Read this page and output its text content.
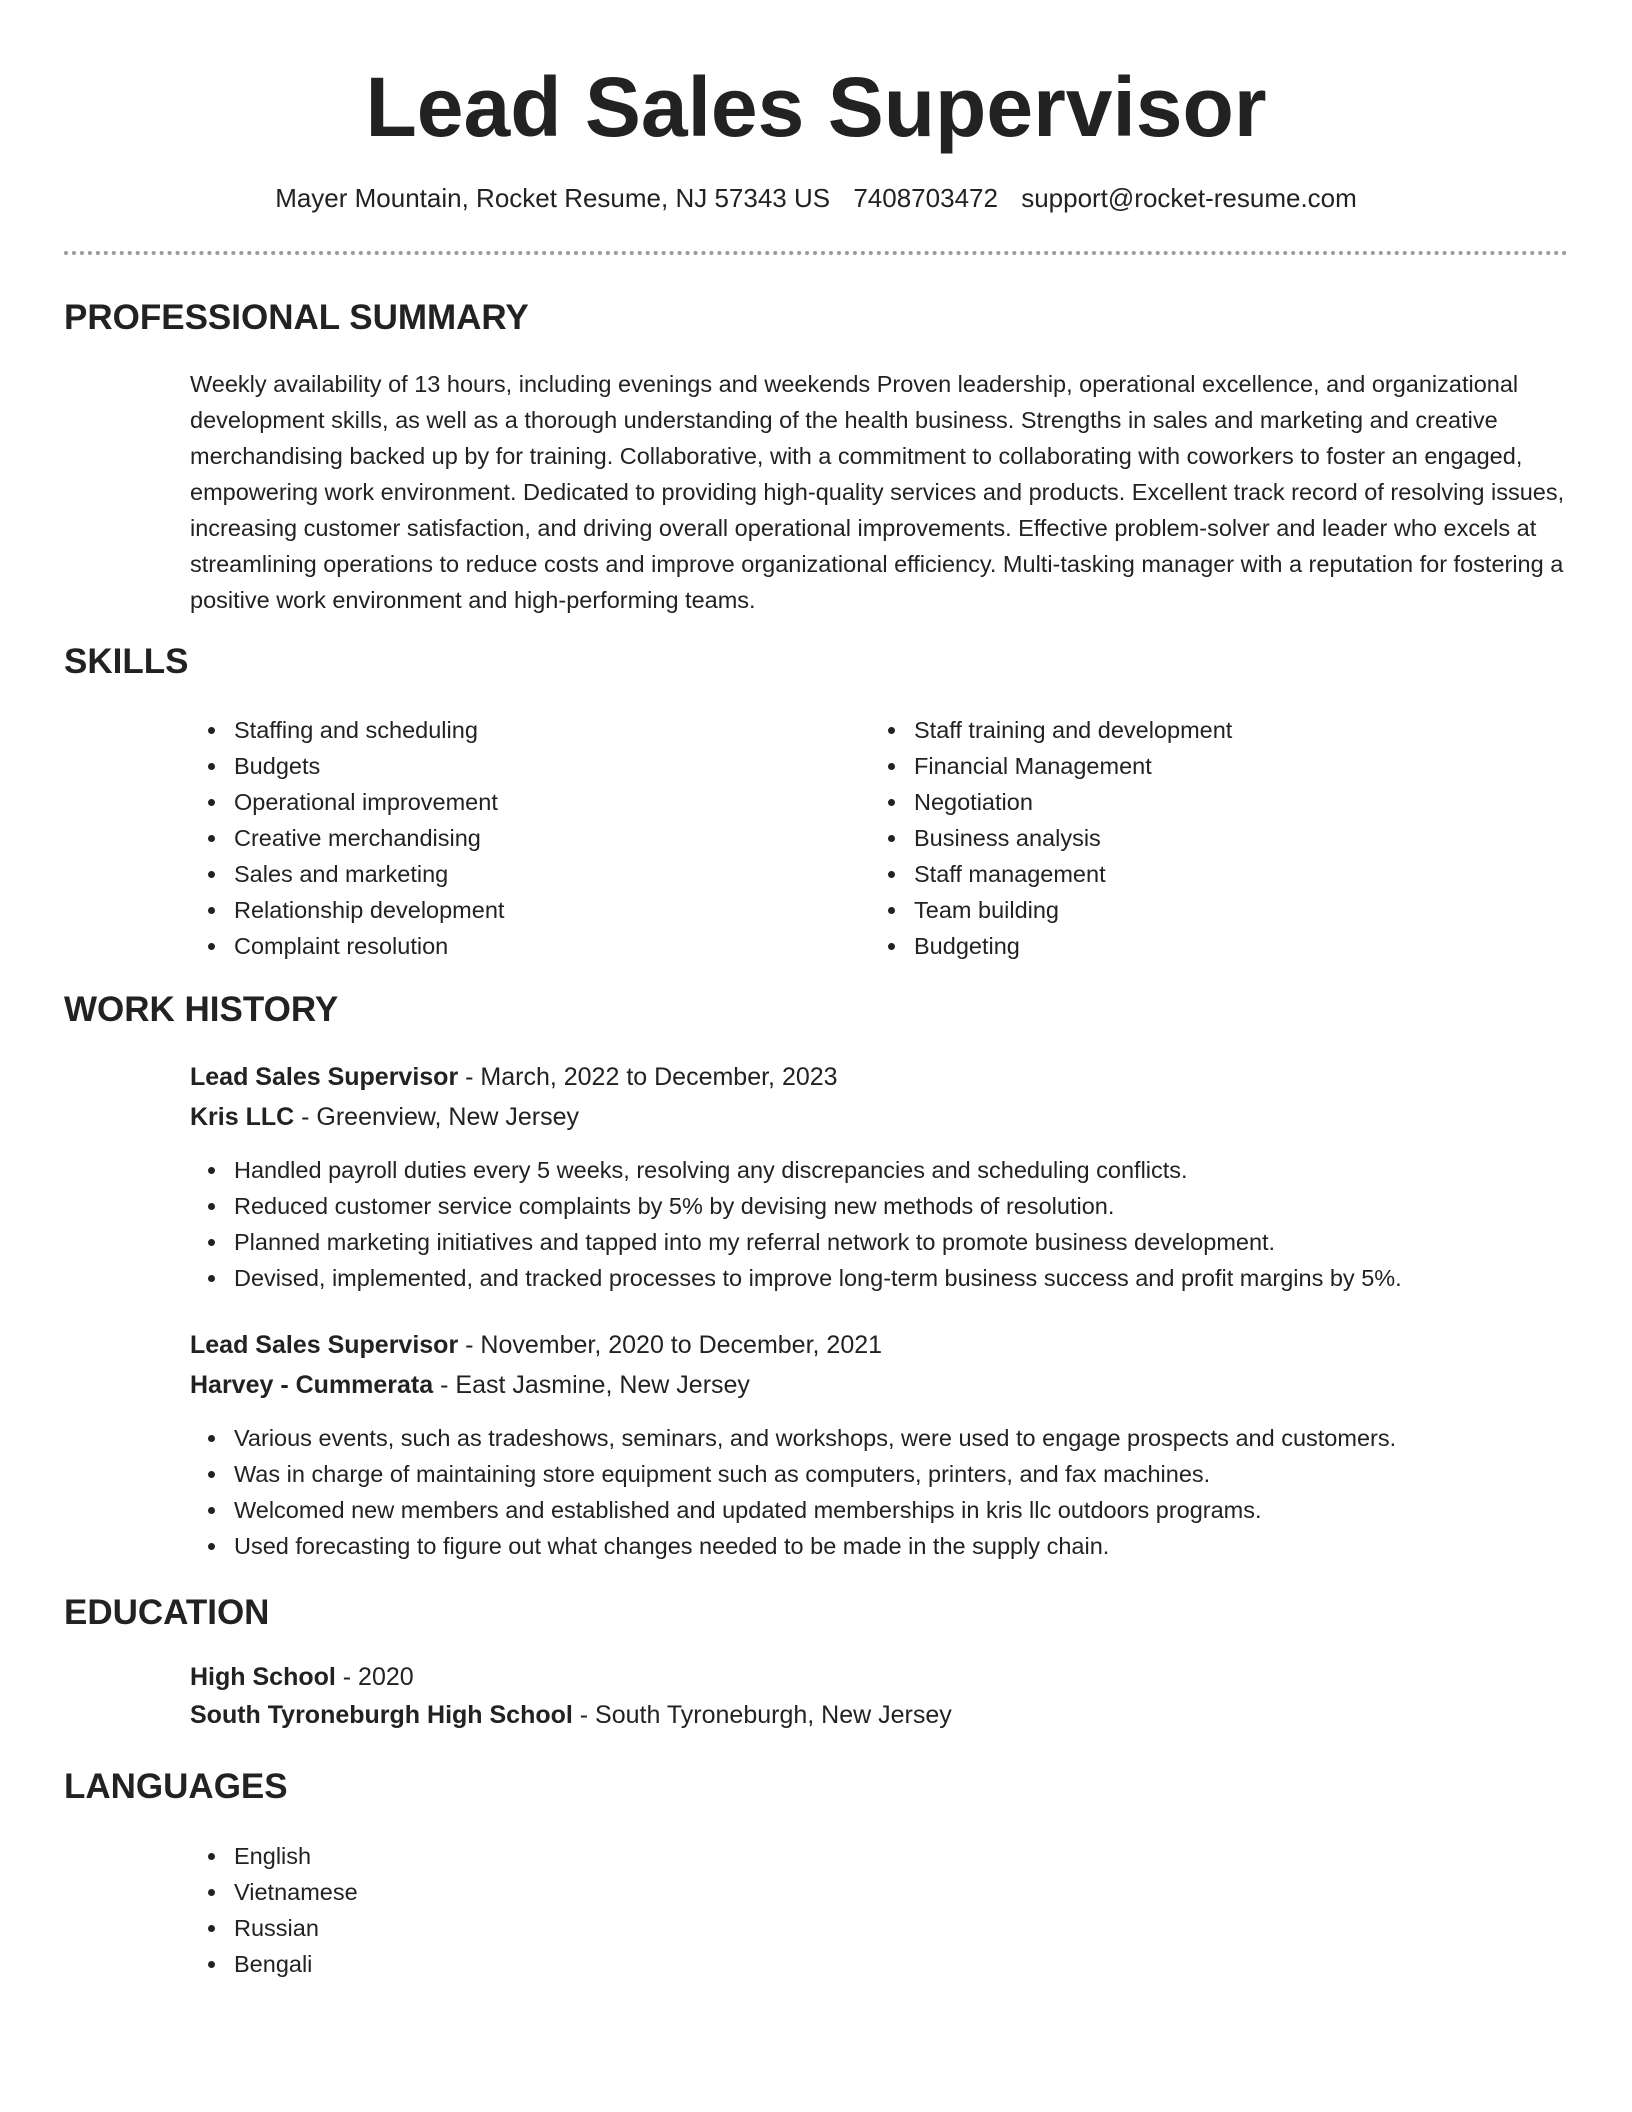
Lead Sales Supervisor
Mayer Mountain, Rocket Resume, NJ 57343 US 7408703472 support@rocket-resume.com
PROFESSIONAL SUMMARY

Weekly availability of 13 hours, including evenings and weekends Proven leadership, operational excellence, and organizational development skills, as well as a thorough understanding of the health business. Strengths in sales and marketing and creative merchandising backed up by for training. Collaborative, with a commitment to collaborating with coworkers to foster an engaged, empowering work environment. Dedicated to providing high-quality services and products. Excellent track record of resolving issues, increasing customer satisfaction, and driving overall operational improvements. Effective problem-solver and leader who excels at streamlining operations to reduce costs and improve organizational efficiency. Multi-tasking manager with a reputation for fostering a positive work environment and high-performing teams.

SKILLS
Staffing and scheduling
Budgets
Operational improvement
Creative merchandising
Sales and marketing
Relationship development
Complaint resolution
Staff training and development
Financial Management
Negotiation
Business analysis
Staff management
Team building
Budgeting
WORK HISTORY
Lead Sales Supervisor - March, 2022 to December, 2023
Kris LLC - Greenview, New Jersey
Handled payroll duties every 5 weeks, resolving any discrepancies and scheduling conflicts.
Reduced customer service complaints by 5% by devising new methods of resolution.
Planned marketing initiatives and tapped into my referral network to promote business development.
Devised, implemented, and tracked processes to improve long-term business success and profit margins by 5%.
Lead Sales Supervisor - November, 2020 to December, 2021
Harvey - Cummerata - East Jasmine, New Jersey
Various events, such as tradeshows, seminars, and workshops, were used to engage prospects and customers.
Was in charge of maintaining store equipment such as computers, printers, and fax machines.
Welcomed new members and established and updated memberships in kris llc outdoors programs.
Used forecasting to figure out what changes needed to be made in the supply chain.
EDUCATION
High School - 2020
South Tyroneburgh High School - South Tyroneburgh, New Jersey
LANGUAGES
English
Vietnamese
Russian
Bengali
